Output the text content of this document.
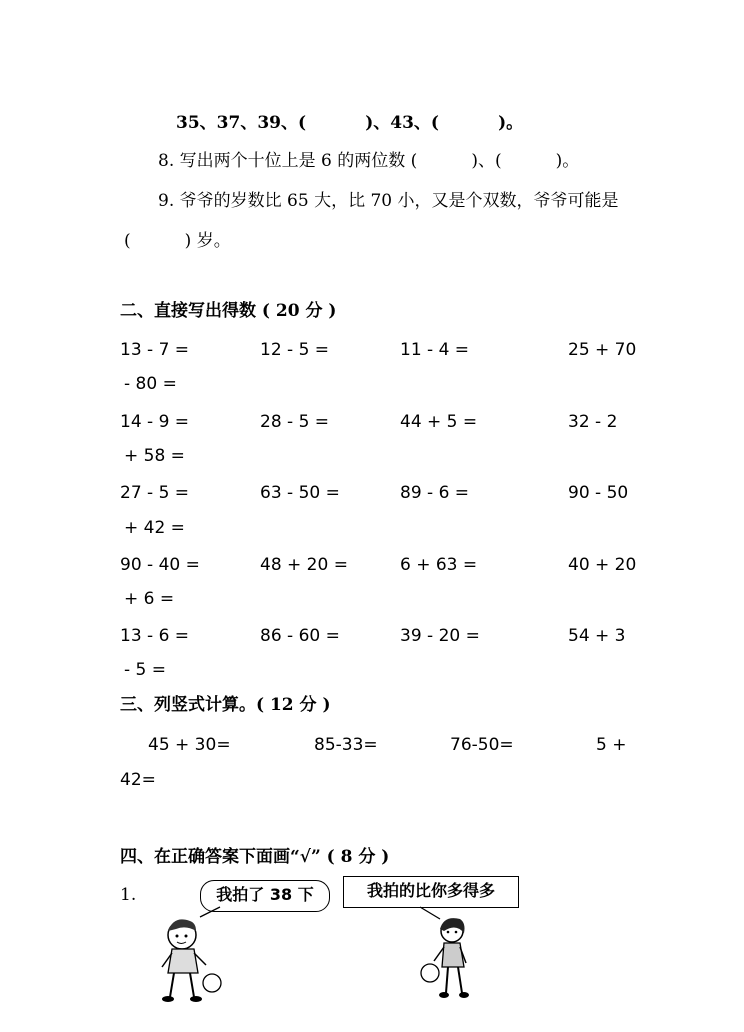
35、37、39、(          )、43、(          )。
8. 写出两个十位上是 6 的两位数 (          )、(          )。
9. 爷爷的岁数比 65 大，比 70 小，又是个双数，爷爷可能是
(          ) 岁。
二、直接写出得数 ( 20 分 )
13 - 7 =	12 - 5 =	11 - 4 =	25 + 70
- 80 =
14 - 9 =	28 - 5 =	44 + 5 =	32 - 2
+ 58 =
27 - 5 =	63 - 50 =	89 - 6 =	90 - 50
+ 42 =
90 - 40 =	48 + 20 =	6 + 63 =	40 + 20
+ 6 =
13 - 6 =	86 - 60 =	39 - 20 =	54 + 3
- 5 =
三、列竖式计算。( 12 分 )
45 + 30=	85-33=	76-50=	5 +
42=
四、在正确答案下面画“√” ( 8 分 )
1.	我拍了 38 下	我拍的比你多得多
